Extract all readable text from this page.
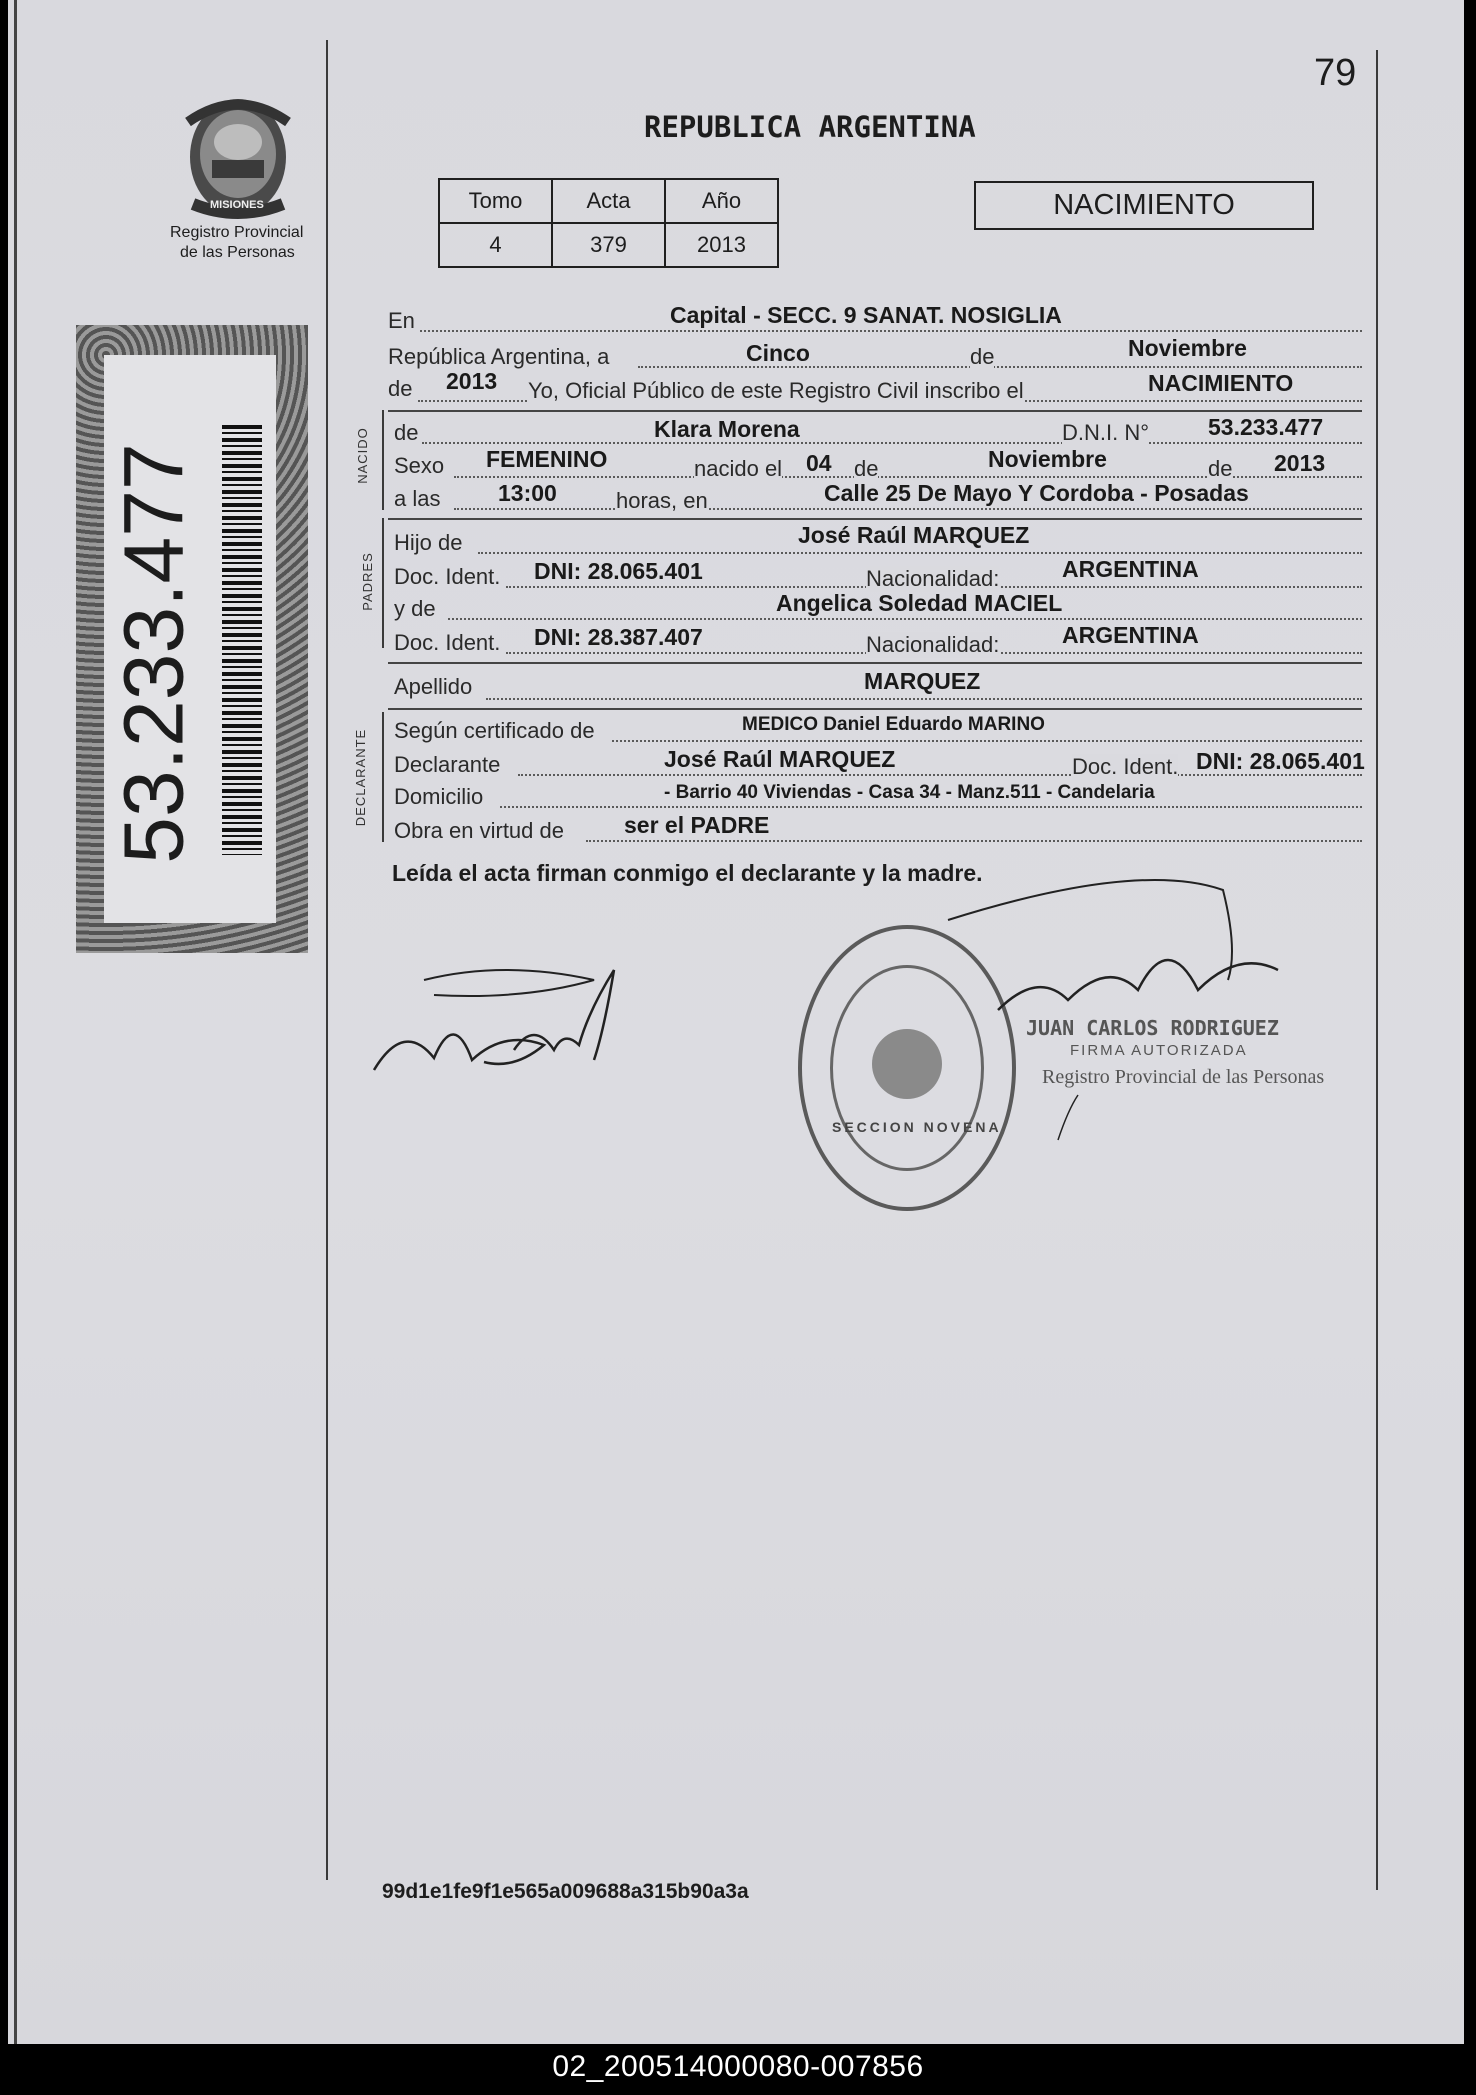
79
MISIONES
Registro Provincial
de las Personas
53.233.477
REPUBLICA ARGENTINA
Tomo	Acta	Año
4	379	2013
NACIMIENTO
En	Capital - SECC. 9 SANAT. NOSIGLIA
República Argentina, a	Cinco	de	Noviembre
de 2013 Yo, Oficial Público de este Registro Civil inscribo el	NACIMIENTO
NACIDO de	Klara Morena	D.N.I. N°	53.233.477
Sexo FEMENINO	nacido el 04 de	Noviembre	de 2013
a las	13:00	horas, en	Calle 25 De Mayo Y Cordoba - Posadas
PADRES
Hijo de	José Raúl MARQUEZ
Doc. Ident. DNI: 28.065.401	Nacionalidad:	ARGENTINA
y de	Angelica Soledad MACIEL
Doc. Ident. DNI: 28.387.407	Nacionalidad:	ARGENTINA
Apellido	MARQUEZ
DECLARANTE Según certificado de	MEDICO Daniel Eduardo MARINO
Declarante	José Raúl MARQUEZ	Doc. Ident. DNI: 28.065.401
Domicilio	- Barrio 40 Viviendas - Casa 34 - Manz.511 - Candelaria
Obra en virtud de	ser el PADRE
Leída el acta firman conmigo el declarante y la madre.
SECCION NOVENA
JUAN CARLOS RODRIGUEZ
FIRMA AUTORIZADA
Registro Provincial de las Personas
99d1e1fe9f1e565a009688a315b90a3a
02_200514000080-007856
